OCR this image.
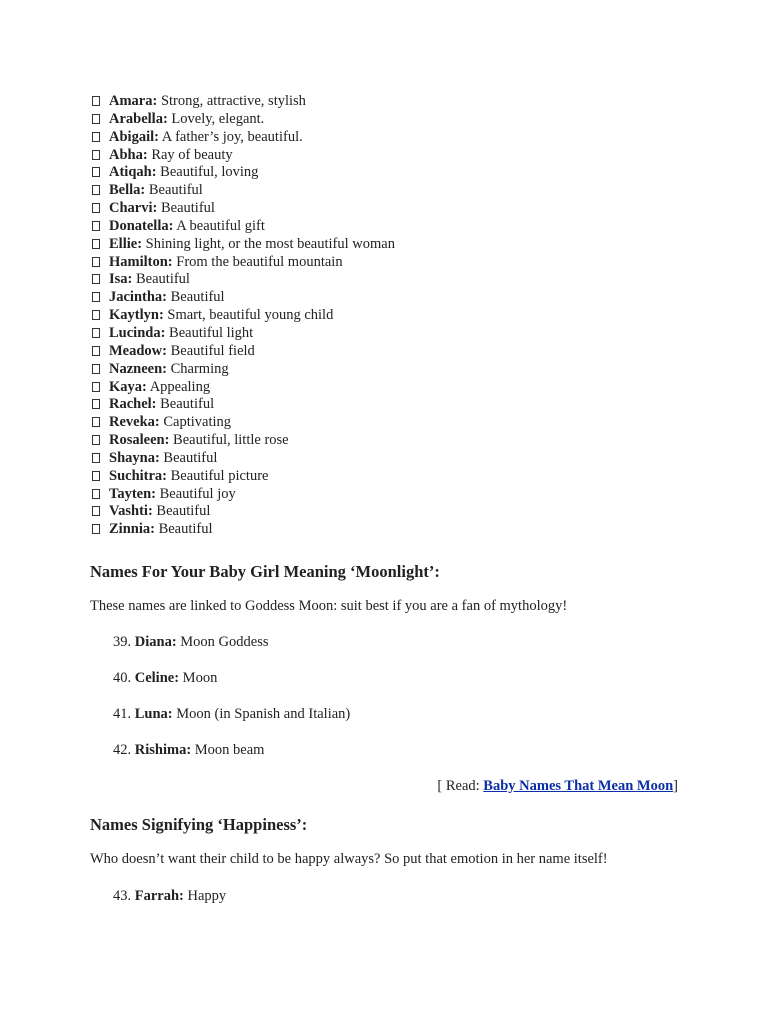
Amara: Strong, attractive, stylish
Arabella: Lovely, elegant.
Abigail: A father’s joy, beautiful.
Abha: Ray of beauty
Atiqah: Beautiful, loving
Bella: Beautiful
Charvi: Beautiful
Donatella: A beautiful gift
Ellie: Shining light, or the most beautiful woman
Hamilton: From the beautiful mountain
Isa: Beautiful
Jacintha: Beautiful
Kaytlyn: Smart, beautiful young child
Lucinda: Beautiful light
Meadow: Beautiful field
Nazneen: Charming
Kaya: Appealing
Rachel: Beautiful
Reveka: Captivating
Rosaleen: Beautiful, little rose
Shayna: Beautiful
Suchitra: Beautiful picture
Tayten: Beautiful joy
Vashti: Beautiful
Zinnia: Beautiful
Names For Your Baby Girl Meaning ‘Moonlight’:
These names are linked to Goddess Moon: suit best if you are a fan of mythology!
39. Diana: Moon Goddess
40. Celine: Moon
41. Luna: Moon (in Spanish and Italian)
42. Rishima: Moon beam
[ Read: Baby Names That Mean Moon]
Names Signifying ‘Happiness’:
Who doesn’t want their child to be happy always? So put that emotion in her name itself!
43. Farrah: Happy
